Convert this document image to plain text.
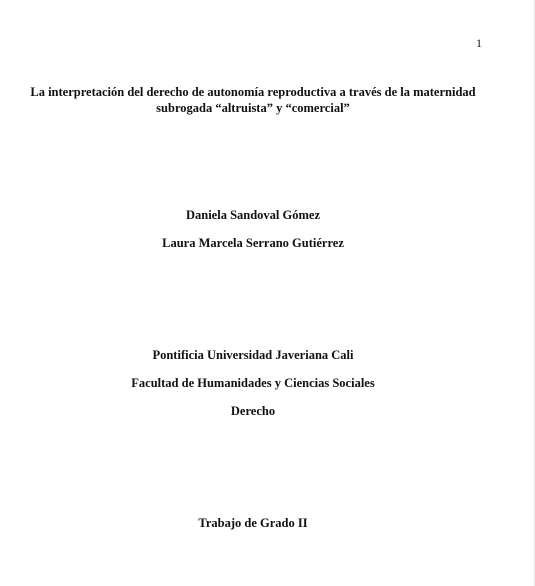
1
La interpretación del derecho de autonomía reproductiva a través de la maternidad
subrogada “altruista” y “comercial”
Daniela Sandoval Gómez
Laura Marcela Serrano Gutiérrez
Pontificia Universidad Javeriana Cali
Facultad de Humanidades y Ciencias Sociales
Derecho
Trabajo de Grado II
